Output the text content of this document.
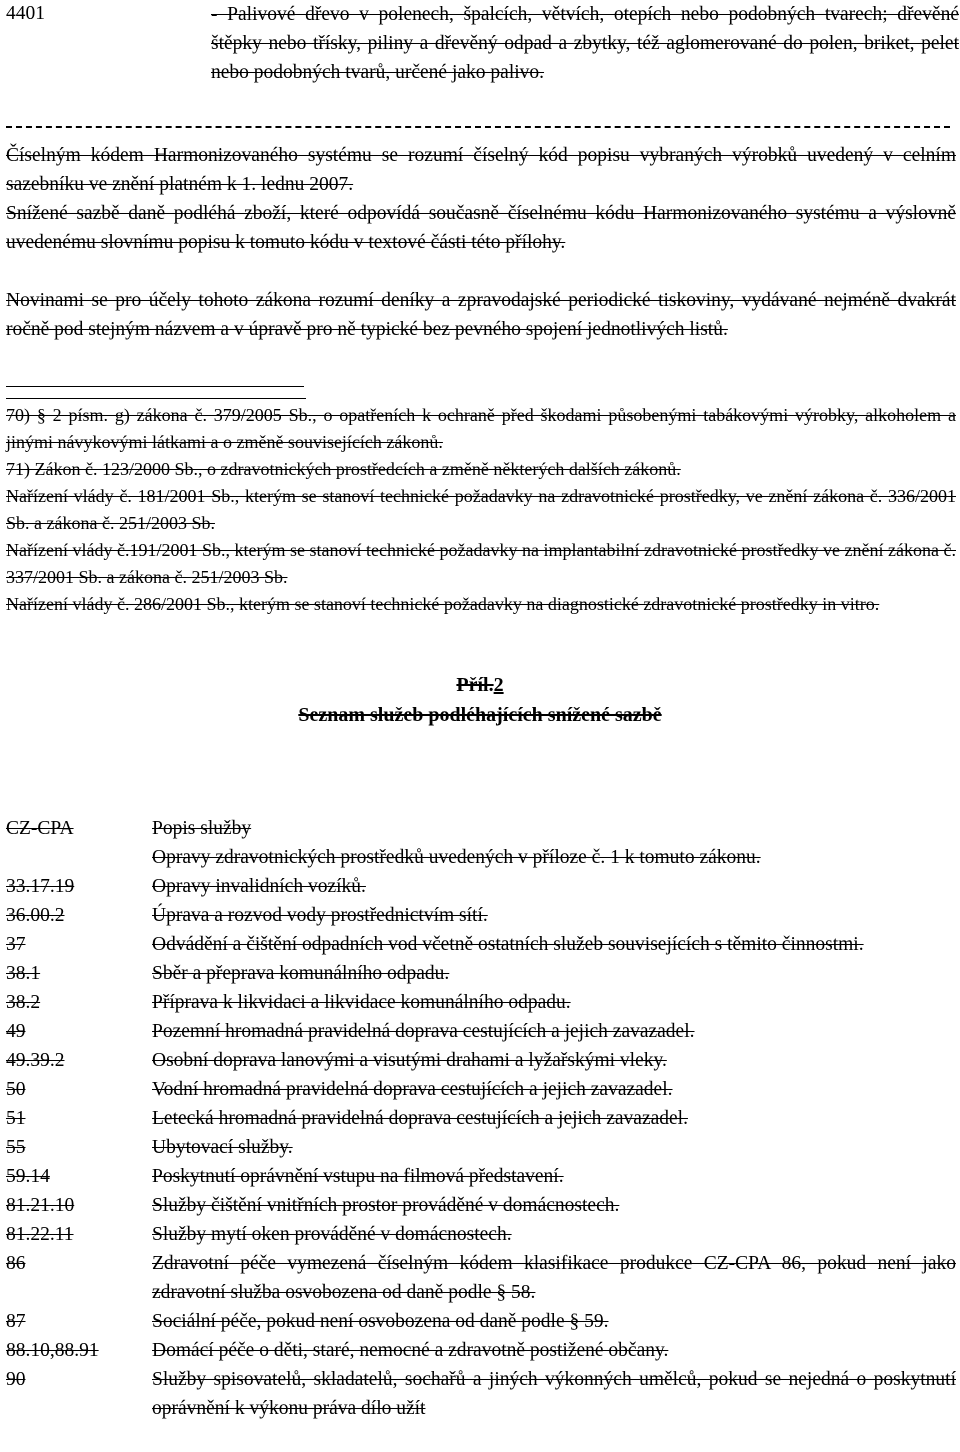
4401	- Palivové dřevo v polenech, špalcích, větvích, otepích nebo podobných tvarech; dřevěné štěpky nebo třísky, piliny a dřevěný odpad a zbytky, též aglomerované do polen, briket, pelet nebo podobných tvarů, určené jako palivo.
Číselným kódem Harmonizovaného systému se rozumí číselný kód popisu vybraných výrobků uvedený v celním sazebníku ve znění platném k 1. lednu 2007.
Snížené sazbě daně podléhá zboží, které odpovídá současně číselnému kódu Harmonizovaného systému a výslovně uvedenému slovnímu popisu k tomuto kódu v textové části této přílohy.
Novinami se pro účely tohoto zákona rozumí deníky a zpravodajské periodické tiskoviny, vydávané nejméně dvakrát ročně pod stejným názvem a v úpravě pro ně typické bez pevného spojení jednotlivých listů.
70) § 2 písm. g) zákona č. 379/2005 Sb., o opatřeních k ochraně před škodami působenými tabákovými výrobky, alkoholem a jinými návykovými látkami a o změně souvisejících zákonů.
71) Zákon č. 123/2000 Sb., o zdravotnických prostředcích a změně některých dalších zákonů.
Nařízení vlády č. 181/2001 Sb., kterým se stanoví technické požadavky na zdravotnické prostředky, ve znění zákona č. 336/2001 Sb. a zákona č. 251/2003 Sb.
Nařízení vlády č.191/2001 Sb., kterým se stanoví technické požadavky na implantabilní zdravotnické prostředky ve znění zákona č. 337/2001 Sb. a zákona č. 251/2003 Sb.
Nařízení vlády č. 286/2001 Sb., kterým se stanoví technické požadavky na diagnostické zdravotnické prostředky in vitro.
Příl.2
Seznam služeb podléhajících snížené sazbě
CZ-CPA	Popis služby
Opravy zdravotnických prostředků uvedených v příloze č. 1 k tomuto zákonu.
33.17.19	Opravy invalidních vozíků.
36.00.2	Úprava a rozvod vody prostřednictvím sítí.
37	Odvádění a čištění odpadních vod včetně ostatních služeb souvisejících s těmito činnostmi.
38.1	Sběr a přeprava komunálního odpadu.
38.2	Příprava k likvidaci a likvidace komunálního odpadu.
49	Pozemní hromadná pravidelná doprava cestujících a jejich zavazadel.
49.39.2	Osobní doprava lanovými a visutými drahami a lyžařskými vleky.
50	Vodní hromadná pravidelná doprava cestujících a jejich zavazadel.
51	Letecká hromadná pravidelná doprava cestujících a jejich zavazadel.
55	Ubytovací služby.
59.14	Poskytnutí oprávnění vstupu na filmová představení.
81.21.10	Služby čištění vnitřních prostor prováděné v domácnostech.
81.22.11	Služby mytí oken prováděné v domácnostech.
86	Zdravotní péče vymezená číselným kódem klasifikace produkce CZ-CPA 86, pokud není jako zdravotní služba osvobozena od daně podle § 58.
87	Sociální péče, pokud není osvobozena od daně podle § 59.
88.10,88.91	Domácí péče o děti, staré, nemocné a zdravotně postižené občany.
90	Služby spisovatelů, skladatelů, sochařů a jiných výkonných umělců, pokud se nejedná o poskytnutí oprávnění k výkonu práva dílo užít
